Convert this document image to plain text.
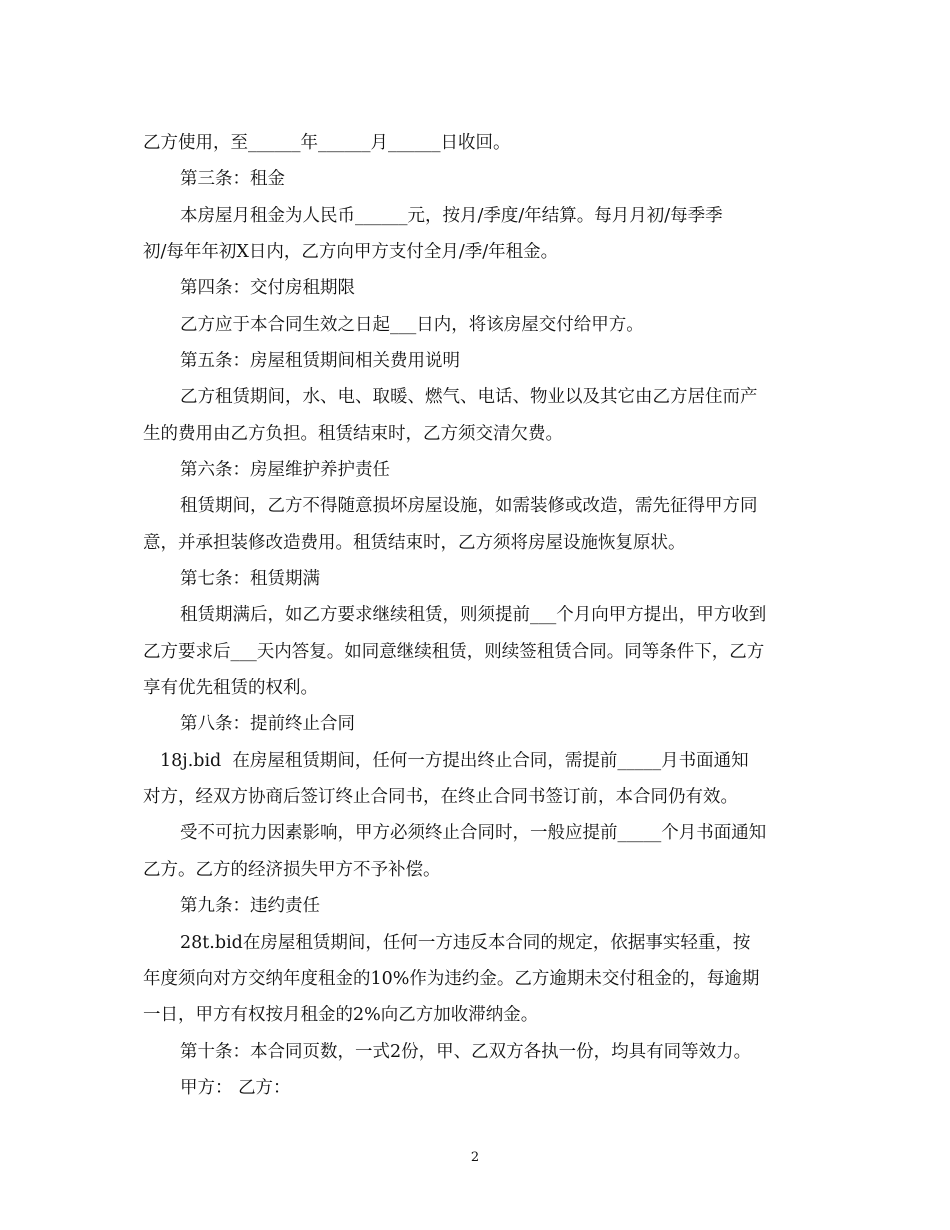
乙方使用，至______年______月______日收回。
第三条：租金
本房屋月租金为人民币______元，按月/季度/年结算。每月月初/每季季
初/每年年初X日内，乙方向甲方支付全月/季/年租金。
第四条：交付房租期限
乙方应于本合同生效之日起___日内，将该房屋交付给甲方。
第五条：房屋租赁期间相关费用说明
乙方租赁期间，水、电、取暖、燃气、电话、物业以及其它由乙方居住而产
生的费用由乙方负担。租赁结束时，乙方须交清欠费。
第六条：房屋维护养护责任
租赁期间，乙方不得随意损坏房屋设施，如需装修或改造，需先征得甲方同
意，并承担装修改造费用。租赁结束时，乙方须将房屋设施恢复原状。
第七条：租赁期满
租赁期满后，如乙方要求继续租赁，则须提前___个月向甲方提出，甲方收到
乙方要求后___天内答复。如同意继续租赁，则续签租赁合同。同等条件下，乙方
享有优先租赁的权利。
第八条：提前终止合同
18j.bid  在房屋租赁期间，任何一方提出终止合同，需提前_____月书面通知
对方，经双方协商后签订终止合同书，在终止合同书签订前，本合同仍有效。
受不可抗力因素影响，甲方必须终止合同时，一般应提前_____个月书面通知
乙方。乙方的经济损失甲方不予补偿。
第九条：违约责任
28t.bid在房屋租赁期间，任何一方违反本合同的规定，依据事实轻重，按
年度须向对方交纳年度租金的10%作为违约金。乙方逾期未交付租金的，每逾期
一日，甲方有权按月租金的2%向乙方加收滞纳金。
第十条：本合同页数，一式2份，甲、乙双方各执一份，均具有同等效力。
甲方： 乙方：
2
